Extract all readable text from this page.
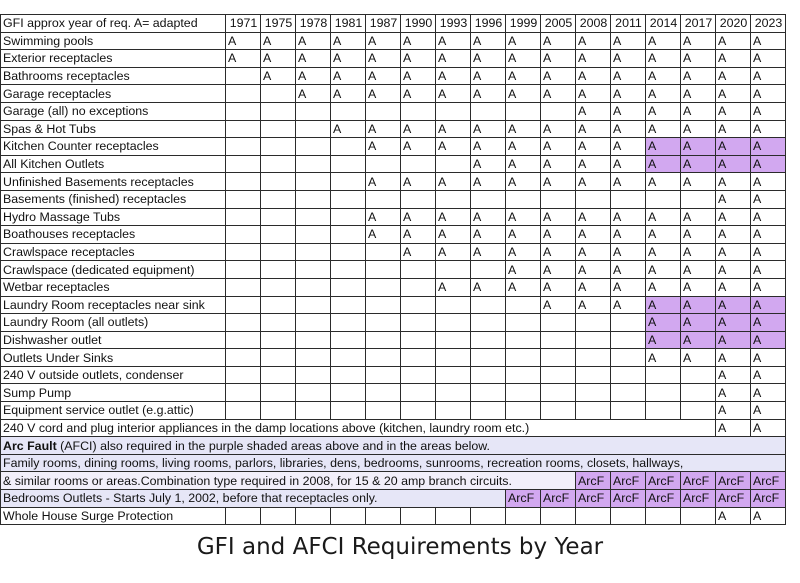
GFI approx year of req. A= adapted	1971	1975	1978	1981	1987	1990	1993	1996	1999	2005	2008	2011	2014	2017	2020	2023
Swimming pools	A	A	A	A	A	A	A	A	A	A	A	A	A	A	A	A
Exterior receptacles	A	A	A	A	A	A	A	A	A	A	A	A	A	A	A	A
Bathrooms receptacles		A	A	A	A	A	A	A	A	A	A	A	A	A	A	A
Garage receptacles			A	A	A	A	A	A	A	A	A	A	A	A	A	A
Garage (all) no exceptions											A	A	A	A	A	A
Spas & Hot Tubs				A	A	A	A	A	A	A	A	A	A	A	A	A
Kitchen Counter receptacles					A	A	A	A	A	A	A	A	A	A	A	A
All Kitchen Outlets								A	A	A	A	A	A	A	A	A
Unfinished Basements receptacles					A	A	A	A	A	A	A	A	A	A	A	A
Basements (finished) receptacles															A	A
Hydro Massage Tubs					A	A	A	A	A	A	A	A	A	A	A	A
Boathouses receptacles					A	A	A	A	A	A	A	A	A	A	A	A
Crawlspace receptacles						A	A	A	A	A	A	A	A	A	A	A
Crawlspace (dedicated equipment)									A	A	A	A	A	A	A	A
Wetbar receptacles							A	A	A	A	A	A	A	A	A	A
Laundry Room receptacles near sink										A	A	A	A	A	A	A
Laundry Room (all outlets)													A	A	A	A
Dishwasher outlet													A	A	A	A
Outlets Under Sinks													A	A	A	A
240 V outside outlets, condenser															A	A
Sump Pump															A	A
Equipment service outlet (e.g.attic)															A	A
240 V cord and plug interior appliances in the damp locations above (kitchen, laundry room etc.)															A	A
Arc Fault (AFCI) also required in the purple shaded areas above and in the areas below.																
Family rooms, dining rooms, living rooms, parlors, libraries, dens, bedrooms, sunrooms, recreation rooms, closets, hallways,																
& similar rooms or areas.Combination type required in 2008, for 15 & 20 amp branch circuits.											ArcF	ArcF	ArcF	ArcF	ArcF	ArcF
Bedrooms Outlets - Starts July 1, 2002, before that receptacles only.									ArcF	ArcF	ArcF	ArcF	ArcF	ArcF	ArcF	ArcF
Whole House Surge Protection															A	A
GFI and AFCI Requirements by Year
